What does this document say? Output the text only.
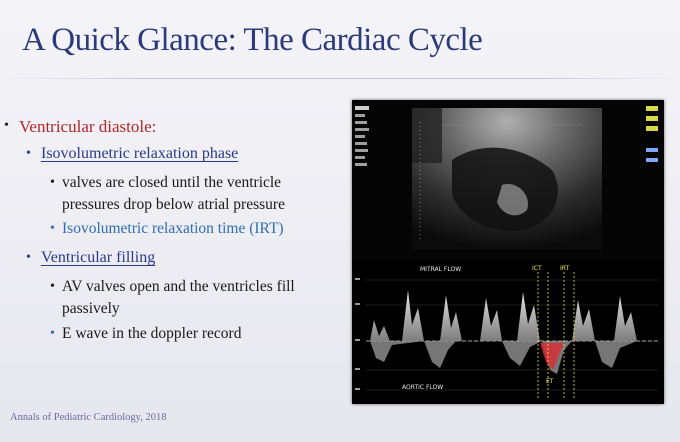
A Quick Glance: The Cardiac Cycle
• Ventricular diastole:
• Isovolumetric relaxation phase
• valves are closed until the ventricle
pressures drop below atrial pressure
• Isovolumetric relaxation time (IRT)
• Ventricular filling
• AV valves open and the ventricles fill
passively
• E wave in the doppler record
Annals of Pediatric Cardiology, 2018
MITRAL FLOW
AORTIC FLOW
ICT	IRT
ET
